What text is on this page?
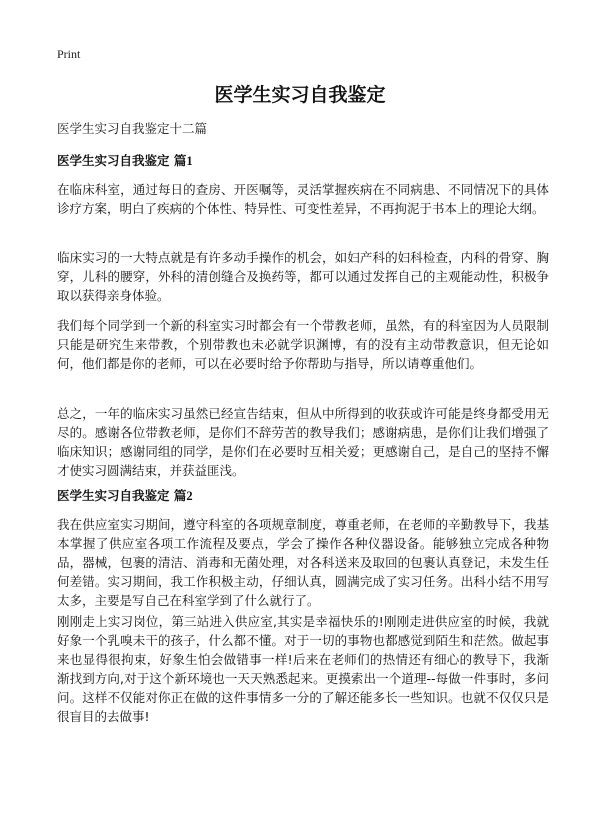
Print
医学生实习自我鉴定

医学生实习自我鉴定十二篇

医学生实习自我鉴定 篇1

在临床科室，通过每日的查房、开医嘱等，灵活掌握疾病在不同病患、不同情况下的具体诊疗方案，明白了疾病的个体性、特异性、可变性差异，不再拘泥于书本上的理论大纲。

临床实习的一大特点就是有许多动手操作的机会，如妇产科的妇科检查，内科的骨穿、胸穿，儿科的腰穿，外科的清创缝合及换药等，都可以通过发挥自己的主观能动性，积极争取以获得亲身体验。

我们每个同学到一个新的科室实习时都会有一个带教老师，虽然，有的科室因为人员限制只能是研究生来带教，个别带教也未必就学识渊博，有的没有主动带教意识，但无论如何，他们都是你的老师，可以在必要时给予你帮助与指导，所以请尊重他们。

总之，一年的临床实习虽然已经宣告结束，但从中所得到的收获或许可能是终身都受用无尽的。感谢各位带教老师，是你们不辞劳苦的教导我们；感谢病患，是你们让我们增强了临床知识；感谢同组的同学，是你们在必要时互相关爱；更感谢自己，是自己的坚持不懈才使实习圆满结束，并获益匪浅。

医学生实习自我鉴定 篇2

我在供应室实习期间，遵守科室的各项规章制度，尊重老师，在老师的辛勤教导下，我基本掌握了供应室各项工作流程及要点，学会了操作各种仪器设备。能够独立完成各种物品，器械，包裹的清洁、消毒和无菌处理，对各科送来及取回的包裹认真登记，未发生任何差错。实习期间，我工作积极主动，仔细认真，圆满完成了实习任务。出科小结不用写太多，主要是写自己在科室学到了什么就行了。

刚刚走上实习岗位，第三站进入供应室,其实是幸福快乐的!刚刚走进供应室的时候，我就好象一个乳嗅未干的孩子，什么都不懂。对于一切的事物也都感觉到陌生和茫然。做起事来也显得很拘束，好象生怕会做错事一样!后来在老师们的热情还有细心的教导下，我渐渐找到方向,对于这个新环境也一天天熟悉起来。更摸索出一个道理--每做一件事时，多问问。这样不仅能对你正在做的这件事情多一分的了解还能多长一些知识。也就不仅仅只是很盲目的去做事!
